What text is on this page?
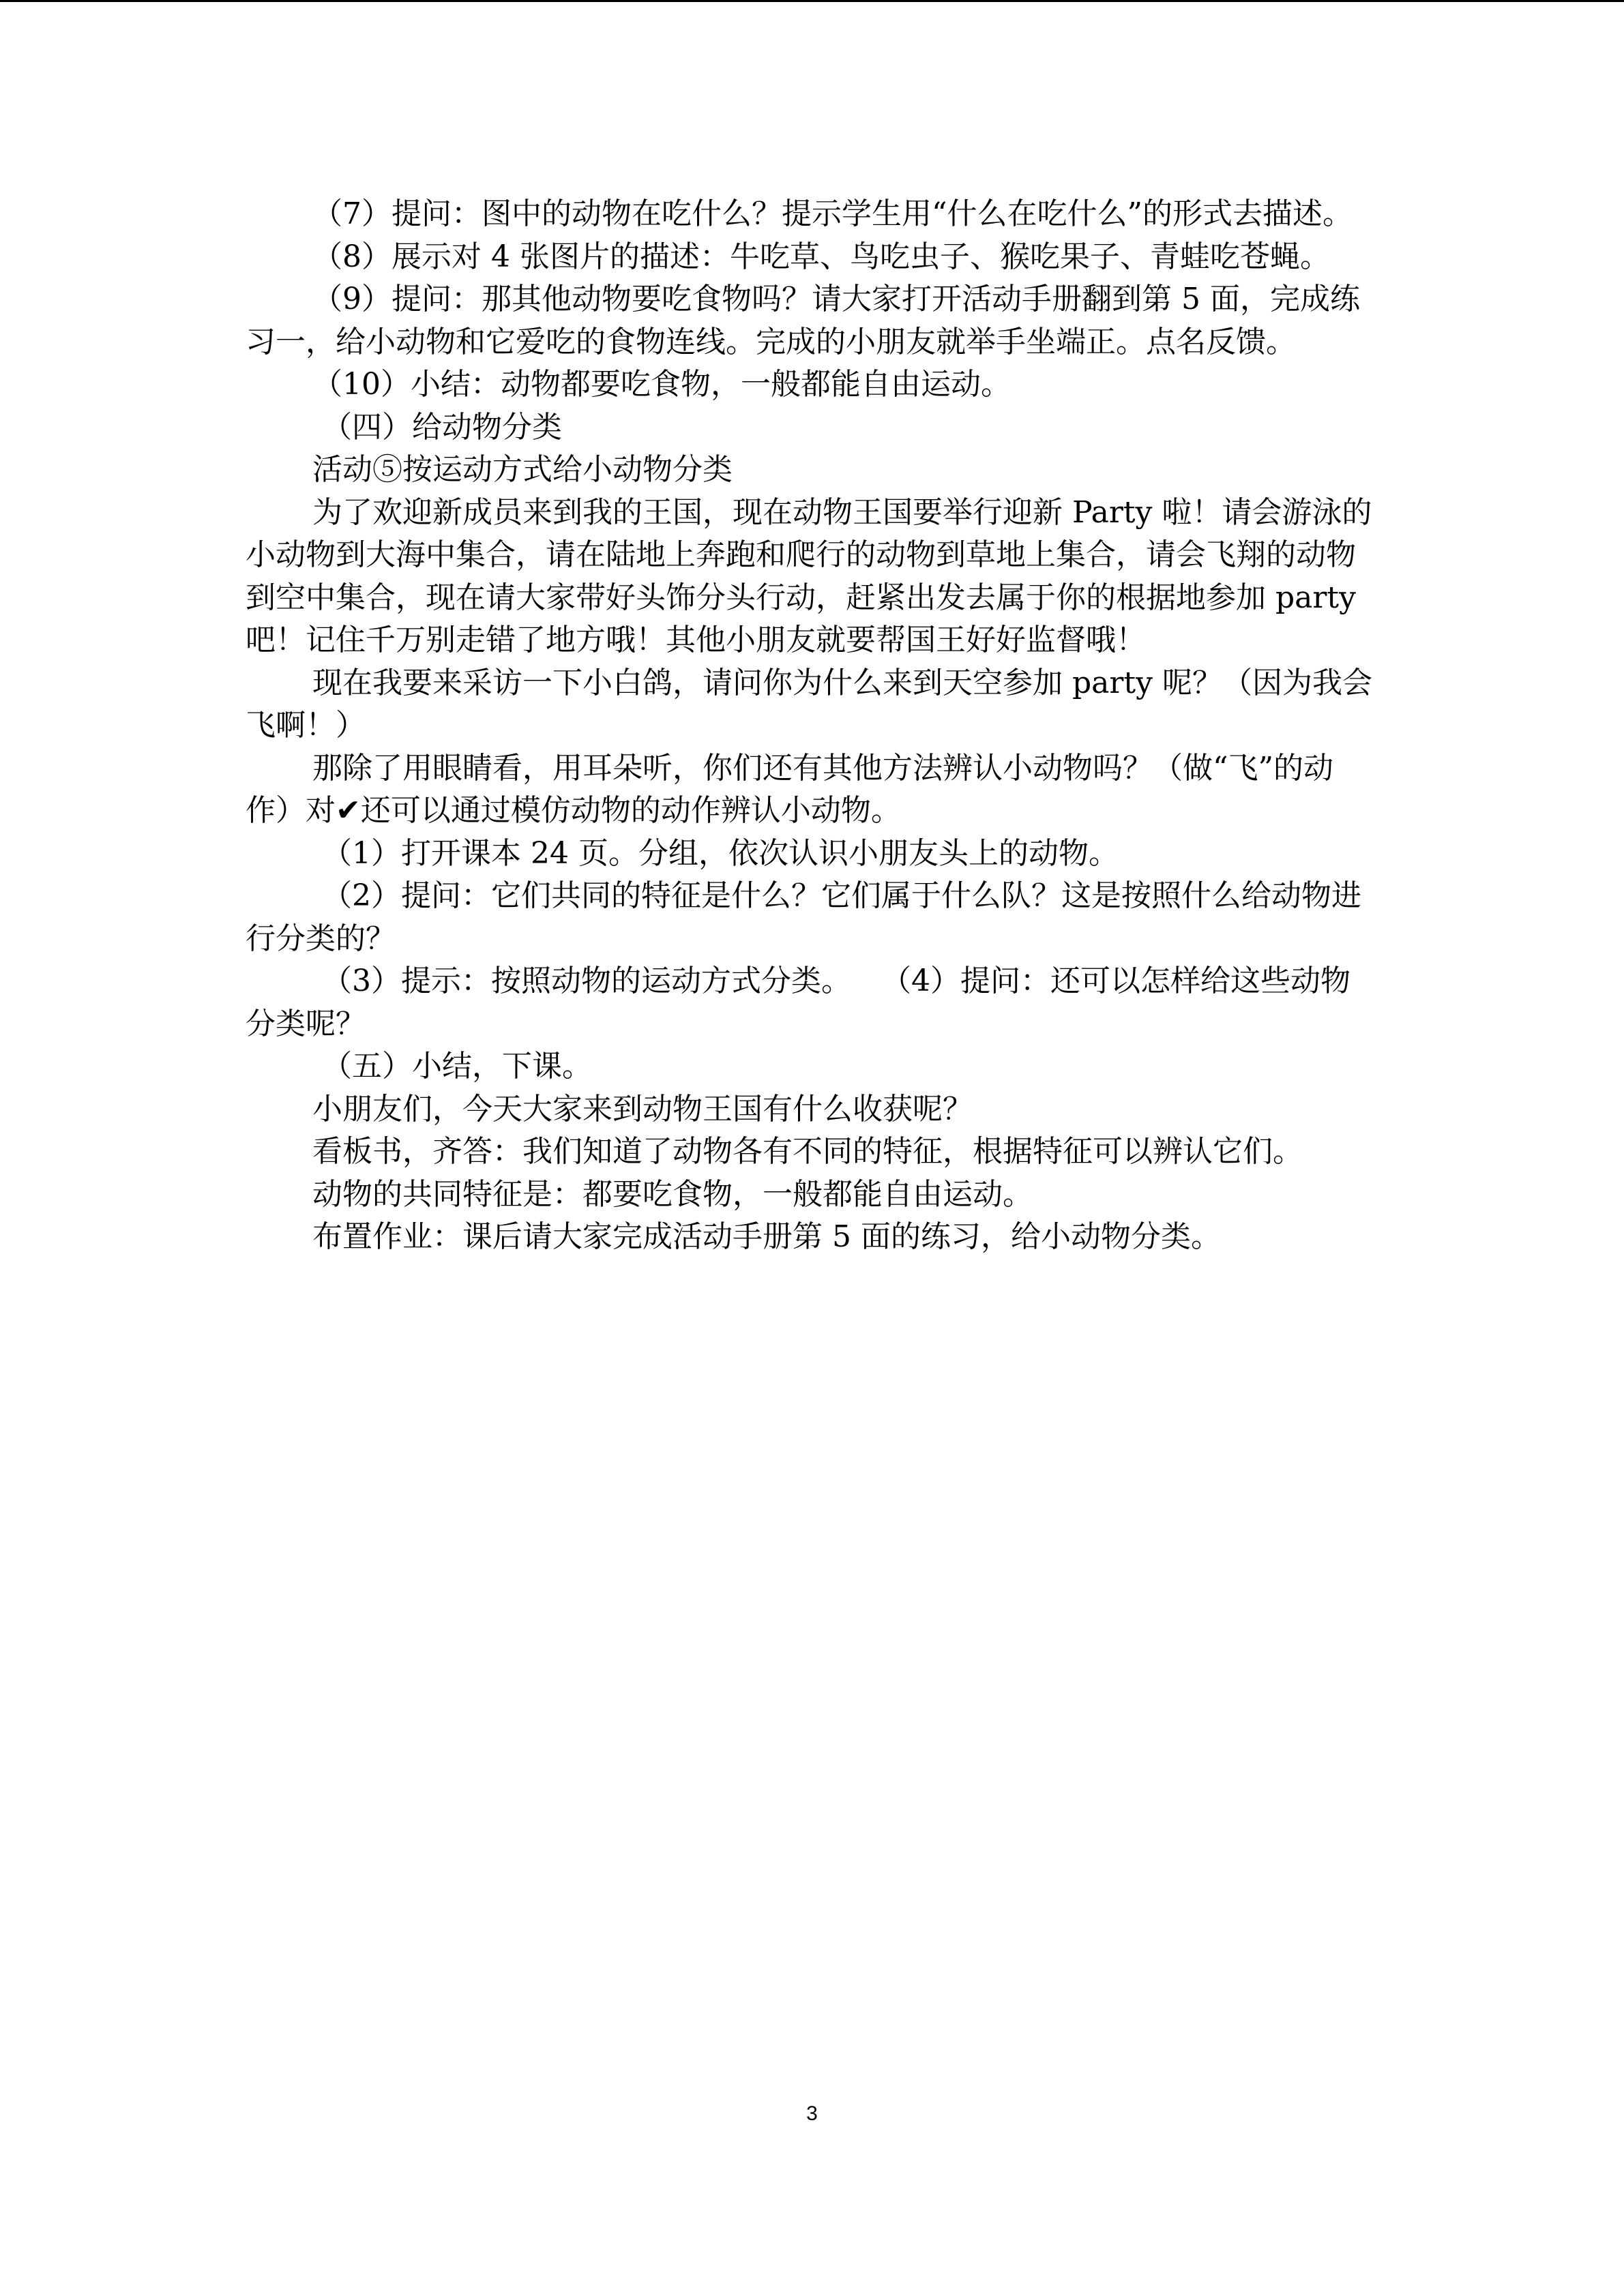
（7）提问：图中的动物在吃什么？提示学生用“什么在吃什么”的形式去描述。

（8）展示对 4 张图片的描述：牛吃草、鸟吃虫子、猴吃果子、青蛙吃苍蝇。

（9）提问：那其他动物要吃食物吗？请大家打开活动手册翻到第 5 面，完成练习一，给小动物和它爱吃的食物连线。完成的小朋友就举手坐端正。点名反馈。

（10）小结：动物都要吃食物，一般都能自由运动。

（四）给动物分类

活动⑤按运动方式给小动物分类

为了欢迎新成员来到我的王国，现在动物王国要举行迎新 Party 啦！请会游泳的小动物到大海中集合，请在陆地上奔跑和爬行的动物到草地上集合，请会飞翔的动物到空中集合，现在请大家带好头饰分头行动，赶紧出发去属于你的根据地参加 party 吧！记住千万别走错了地方哦！其他小朋友就要帮国王好好监督哦！

现在我要来采访一下小白鸽，请问你为什么来到天空参加 party 呢？（因为我会飞啊！）

那除了用眼睛看，用耳朵听，你们还有其他方法辨认小动物吗？（做“飞”的动作）对✔还可以通过模仿动物的动作辨认小动物。

（1）打开课本 24 页。分组，依次认识小朋友头上的动物。

（2）提问：它们共同的特征是什么？它们属于什么队？这是按照什么给动物进行分类的？

（3）提示：按照动物的运动方式分类。　　（4）提问：还可以怎样给这些动物分类呢？

（五）小结，下课。

小朋友们，今天大家来到动物王国有什么收获呢？

看板书，齐答：我们知道了动物各有不同的特征，根据特征可以辨认它们。

动物的共同特征是：都要吃食物，一般都能自由运动。

布置作业：课后请大家完成活动手册第 5 面的练习，给小动物分类。

3
